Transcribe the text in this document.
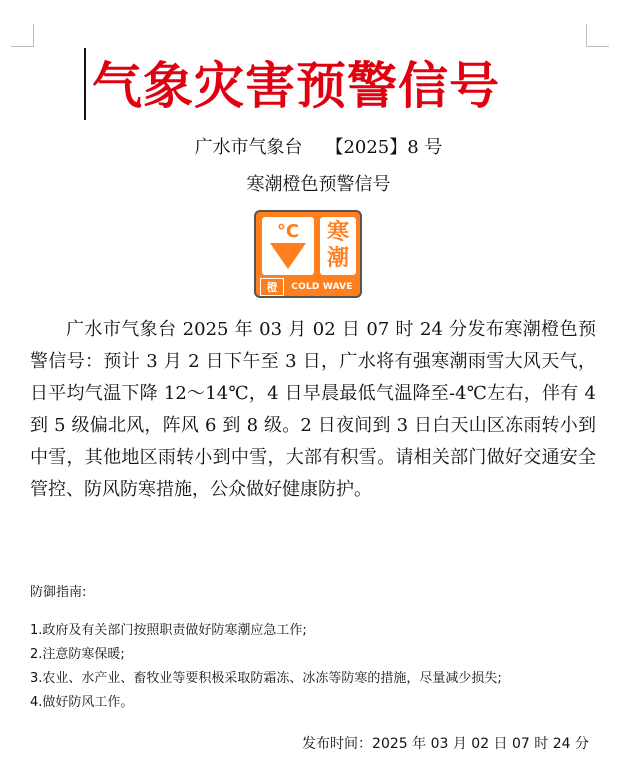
气象灾害预警信号
广水市气象台    【2025】8 号
寒潮橙色预警信号
°C	寒
潮
橙	COLD WAVE
广水市气象台 2025 年 03 月 02 日 07 时 24 分发布寒潮橙色预警信号：预计 3 月 2 日下午至 3 日，广水将有强寒潮雨雪大风天气，日平均气温下降 12～14℃，4 日早晨最低气温降至-4℃左右，伴有 4 到 5 级偏北风，阵风 6 到 8 级。2 日夜间到 3 日白天山区冻雨转小到中雪，其他地区雨转小到中雪，大部有积雪。请相关部门做好交通安全管控、防风防寒措施，公众做好健康防护。
防御指南:
1.政府及有关部门按照职责做好防寒潮应急工作;
2.注意防寒保暖;
3.农业、水产业、畜牧业等要积极采取防霜冻、冰冻等防寒的措施，尽量减少损失;
4.做好防风工作。
发布时间：2025 年 03 月 02 日 07 时 24 分
